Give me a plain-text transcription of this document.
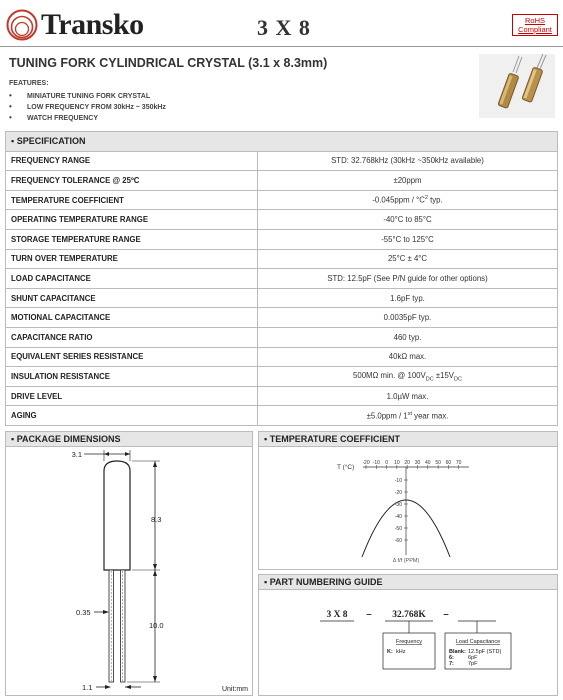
Transko	3 X 8	RoHS
Compliant
TUNING FORK CYLINDRICAL CRYSTAL (3.1 x 8.3mm)
FEATURES:
• MINIATURE TUNING FORK CRYSTAL
• LOW FREQUENCY FROM 30kHz ~ 350kHz
• WATCH FREQUENCY
▪ SPECIFICATION	
FREQUENCY RANGE	STD: 32.768kHz (30kHz ~350kHz available)
FREQUENCY TOLERANCE @ 25ºC	±20ppm
TEMPERATURE COEFFICIENT	$-0.045ppm / ^\circ C^2$ typ.
OPERATING TEMPERATURE RANGE	-40°C to 85°C
STORAGE TEMPERATURE RANGE	-55°C to 125°C
TURN OVER TEMPERATURE	25°C ± 4°C
LOAD CAPACITANCE	STD: 12.5pF (See P/N guide for other options)
SHUNT CAPACITANCE	1.6pF typ.
MOTIONAL CAPACITANCE	0.0035pF typ.
CAPACITANCE RATIO	460 typ.
EQUIVALENT SERIES RESISTANCE	40kΩ max.
INSULATION RESISTANCE	500MΩ min. @ $100V_{DC} \pm 15V_{DC}$
DRIVE LEVEL	1.0µW max.
AGING	±5.0ppm / 1st year max.
▪ PACKAGE DIMENSIONS
3.1
8.3
10.0
0.35
1.1	Unit:mm
▪ TEMPERATURE COEFFICIENT
T (°C)
-20 -10 0 10 20 30 40 50 60 70
-10
-20
-30
-40
-50
-60
Δ f/f (PPM)
▪ PART NUMBERING GUIDE
3 X 8 – 32.768K –
Frequency
K: kHz
Load Capacitance
Blank: 12.5pF (STD)
6:	6pF
7:	7pF
